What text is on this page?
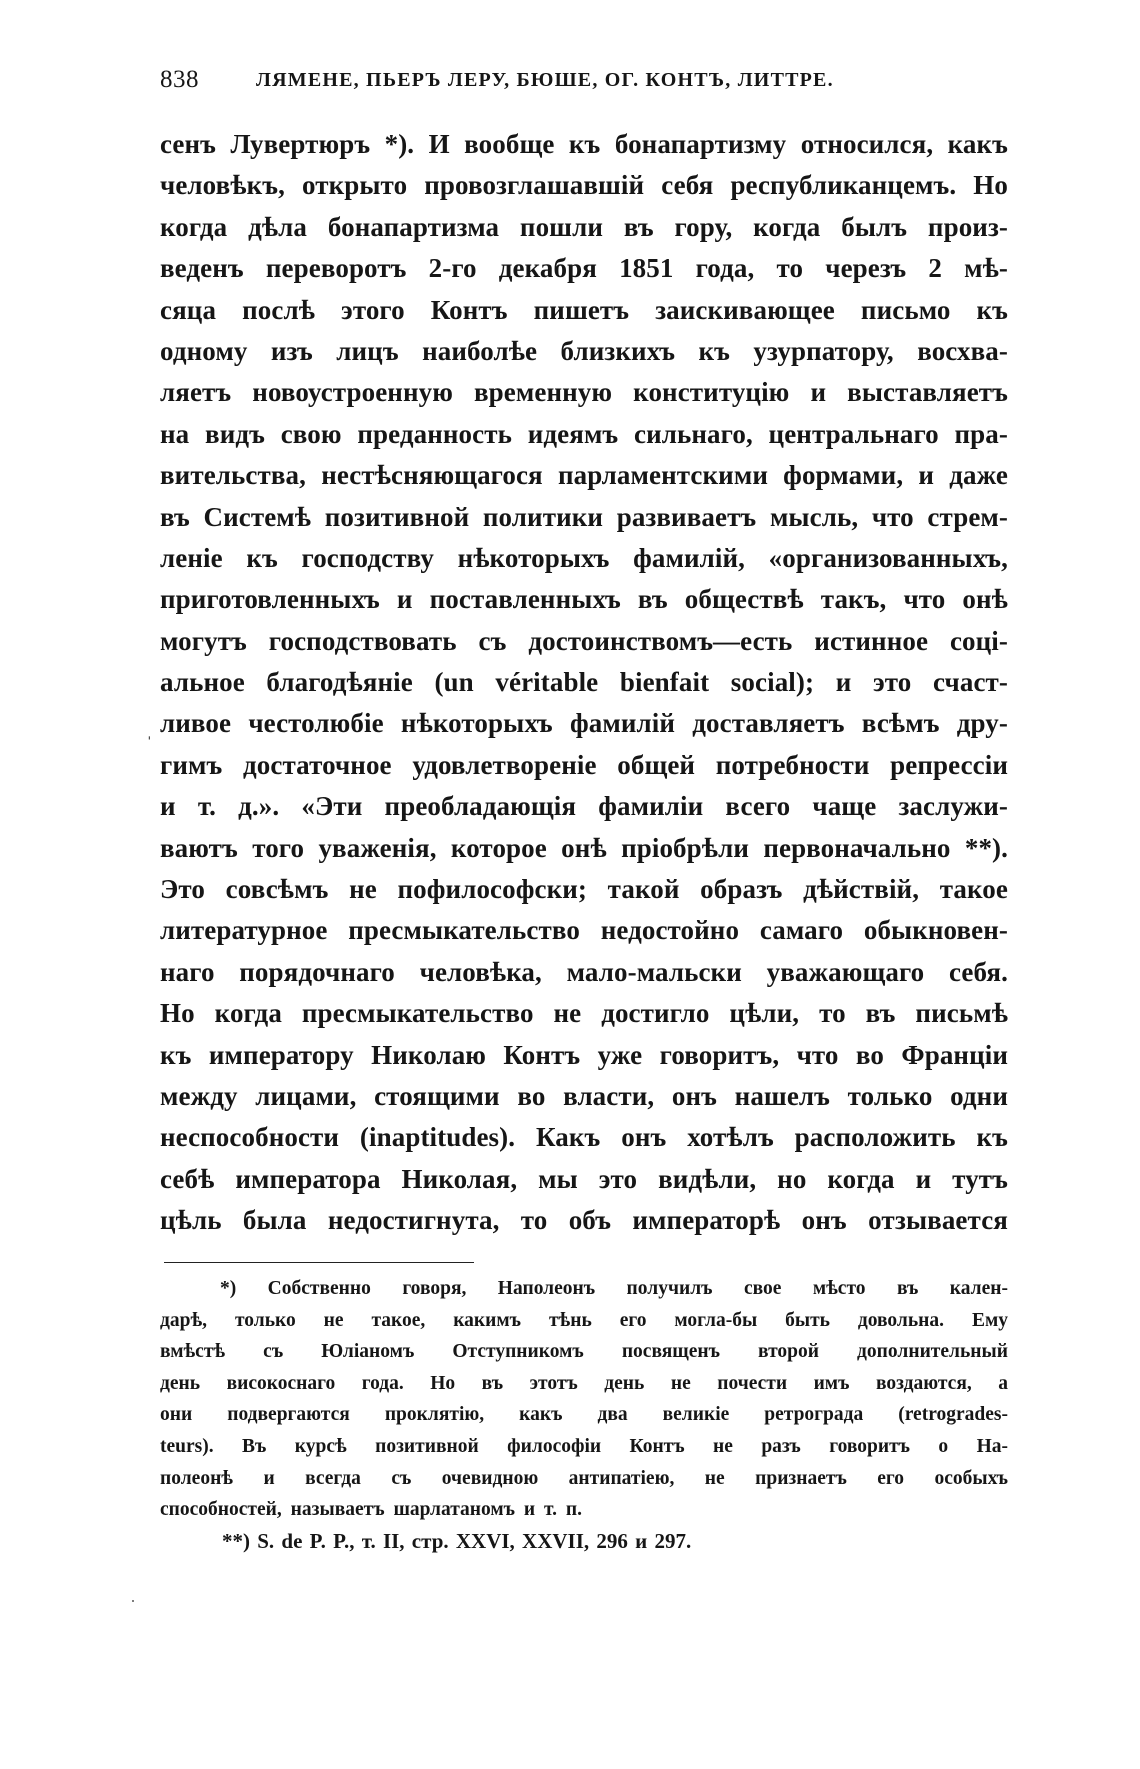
838	ЛЯМЕНЕ, ПЬЕРЪ ЛЕРУ, БЮШЕ, ОГ. КОНТЪ, ЛИТТРЕ.
сенъ Лувертюръ *). И вообще къ бонапартизму относился, какъ
человѣкъ, открыто провозглашавшій себя республиканцемъ. Но
когда дѣла бонапартизма пошли въ гору, когда былъ произ-
веденъ переворотъ 2-го декабря 1851 года, то черезъ 2 мѣ-
сяца послѣ этого Контъ пишетъ заискивающее письмо къ
одному изъ лицъ наиболѣе близкихъ къ узурпатору, восхва-
ляетъ новоустроенную временную конституцію и выставляетъ
на видъ свою преданность идеямъ сильнаго, центральнаго пра-
вительства, нестѣсняющагося парламентскими формами, и даже
въ Системѣ позитивной политики развиваетъ мысль, что стрем-
леніе къ господству нѣкоторыхъ фамилій, «организованныхъ,
приготовленныхъ и поставленныхъ въ обществѣ такъ, что онѣ
могутъ господствовать съ достоинствомъ—есть истинное соці-
альное благодѣяніе (un véritable bienfait social); и это счаст-
ливое честолюбіе нѣкоторыхъ фамилій доставляетъ всѣмъ дру-
гимъ достаточное удовлетвореніе общей потребности репрессіи
и т. д.». «Эти преобладающія фамиліи всего чаще заслужи-
ваютъ того уваженія, которое онѣ пріобрѣли первоначально **).
Это совсѣмъ не пофилософски; такой образъ дѣйствій, такое
литературное пресмыкательство недостойно самаго обыкновен-
наго порядочнаго человѣка, мало-мальски уважающаго себя.
Но когда пресмыкательство не достигло цѣли, то въ письмѣ
къ императору Николаю Контъ уже говоритъ, что во Франціи
между лицами, стоящими во власти, онъ нашелъ только одни
неспособности (inaptitudes). Какъ онъ хотѣлъ расположить къ
себѣ императора Николая, мы это видѣли, но когда и тутъ
цѣль была недостигнута, то объ императорѣ онъ отзывается
ˌ
*) Собственно говоря, Наполеонъ получилъ свое мѣсто въ кален-
дарѣ, только не такое, какимъ тѣнь его могла-бы быть довольна. Ему
вмѣстѣ съ Юліаномъ Отступникомъ посвященъ второй дополнительный
день високоснаго года. Но въ этотъ день не почести имъ воздаются, а
они подвергаются проклятію, какъ два великіе ретрограда (retrogrades-
teurs). Въ курсѣ позитивной философіи Контъ не разъ говоритъ о На-
полеонѣ и всегда съ очевидною антипатіею, не признаетъ его особыхъ
способностей, называетъ шарлатаномъ и т. п.
**) S. de P. P., т. II, стр. XXVI, XXVII, 296 и 297.
